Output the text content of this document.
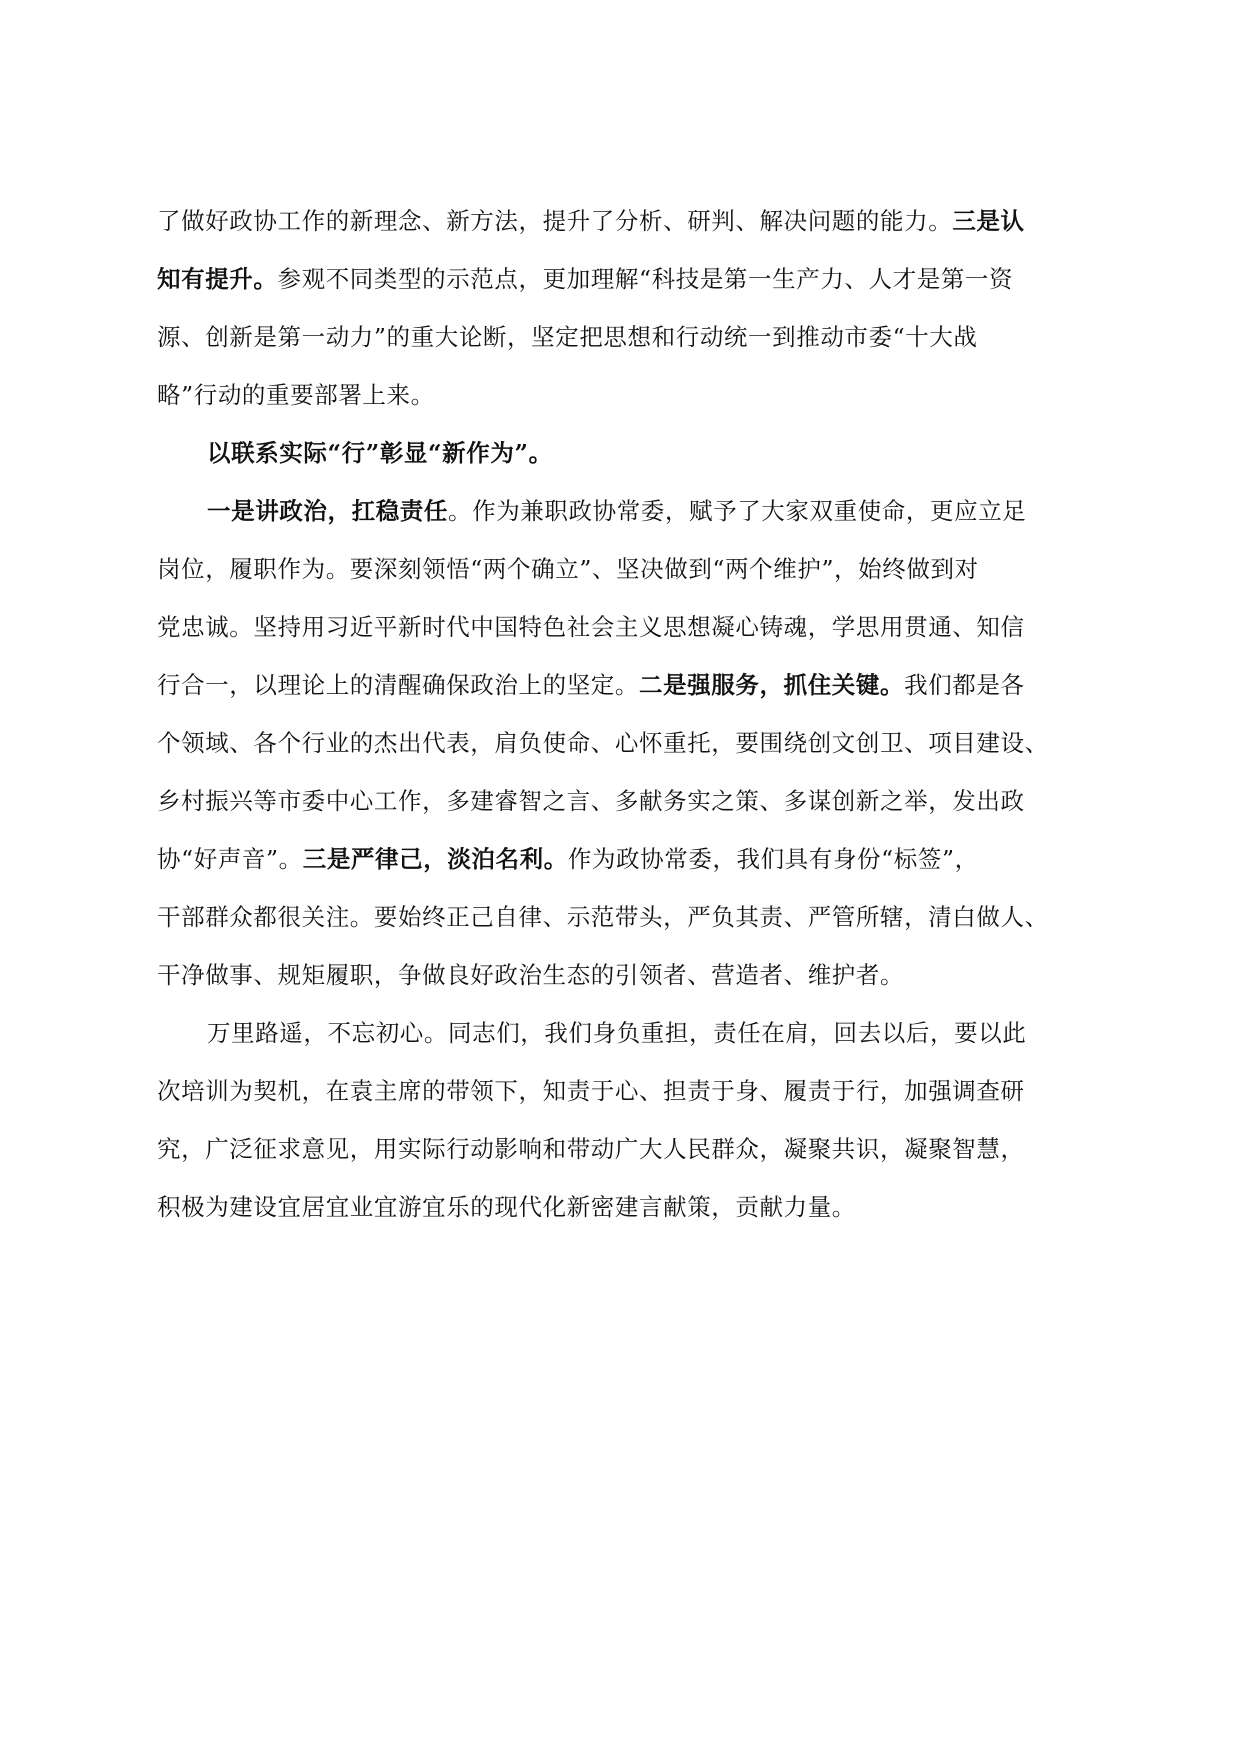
了做好政协工作的新理念、新方法，提升了分析、研判、解决问题的能力。三是认
知有提升。参观不同类型的示范点，更加理解“科技是第一生产力、人才是第一资
源、创新是第一动力”的重大论断，坚定把思想和行动统一到推动市委“十大战
略”行动的重要部署上来。
以联系实际“行”彰显“新作为”。
一是讲政治，扛稳责任。作为兼职政协常委，赋予了大家双重使命，更应立足
岗位，履职作为。要深刻领悟“两个确立”、坚决做到“两个维护”，始终做到对
党忠诚。坚持用习近平新时代中国特色社会主义思想凝心铸魂，学思用贯通、知信
行合一，以理论上的清醒确保政治上的坚定。二是强服务，抓住关键。我们都是各
个领域、各个行业的杰出代表，肩负使命、心怀重托，要围绕创文创卫、项目建设、
乡村振兴等市委中心工作，多建睿智之言、多献务实之策、多谋创新之举，发出政
协“好声音”。三是严律己，淡泊名利。作为政协常委，我们具有身份“标签”，
干部群众都很关注。要始终正己自律、示范带头，严负其责、严管所辖，清白做人、
干净做事、规矩履职，争做良好政治生态的引领者、营造者、维护者。
万里路遥，不忘初心。同志们，我们身负重担，责任在肩，回去以后，要以此
次培训为契机，在袁主席的带领下，知责于心、担责于身、履责于行，加强调查研
究，广泛征求意见，用实际行动影响和带动广大人民群众，凝聚共识，凝聚智慧，
积极为建设宜居宜业宜游宜乐的现代化新密建言献策，贡献力量。
